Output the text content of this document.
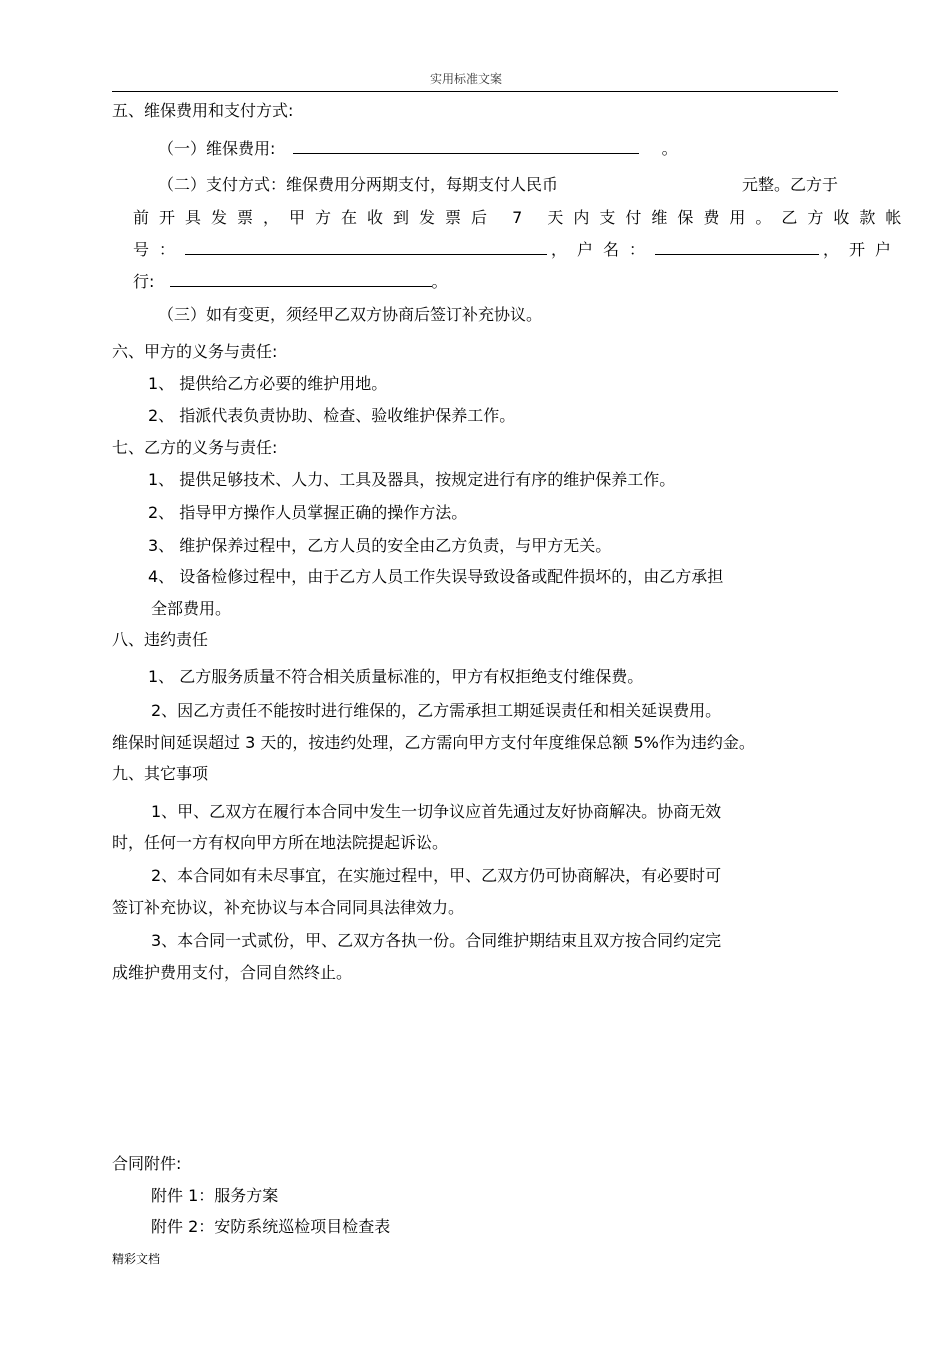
实用标准文案
五、维保费用和支付方式:
（一）维保费用:	。
（二）支付方式：维保费用分两期支付，每期支付人民币	元整。乙方于
前开具发票，甲方在收到发票后 7 天内支付维保费用。乙方收款帐
号：	，户名：	，开户
行:	。
（三）如有变更，须经甲乙双方协商后签订补充协议。
六、甲方的义务与责任:
1、 提供给乙方必要的维护用地。
2、 指派代表负责协助、检查、验收维护保养工作。
七、乙方的义务与责任:
1、 提供足够技术、人力、工具及器具，按规定进行有序的维护保养工作。
2、 指导甲方操作人员掌握正确的操作方法。
3、 维护保养过程中，乙方人员的安全由乙方负责，与甲方无关。
4、 设备检修过程中，由于乙方人员工作失误导致设备或配件损坏的，由乙方承担
全部费用。
八、违约责任
1、 乙方服务质量不符合相关质量标准的，甲方有权拒绝支付维保费。
2、因乙方责任不能按时进行维保的，乙方需承担工期延误责任和相关延误费用。
维保时间延误超过 3 天的，按违约处理，乙方需向甲方支付年度维保总额 5%作为违约金。
九、其它事项
1、甲、乙双方在履行本合同中发生一切争议应首先通过友好协商解决。协商无效
时，任何一方有权向甲方所在地法院提起诉讼。
2、本合同如有未尽事宜，在实施过程中，甲、乙双方仍可协商解决，有必要时可
签订补充协议，补充协议与本合同同具法律效力。
3、本合同一式贰份，甲、乙双方各执一份。合同维护期结束且双方按合同约定完
成维护费用支付，合同自然终止。
合同附件:
附件 1：服务方案
附件 2：安防系统巡检项目检查表
精彩文档
